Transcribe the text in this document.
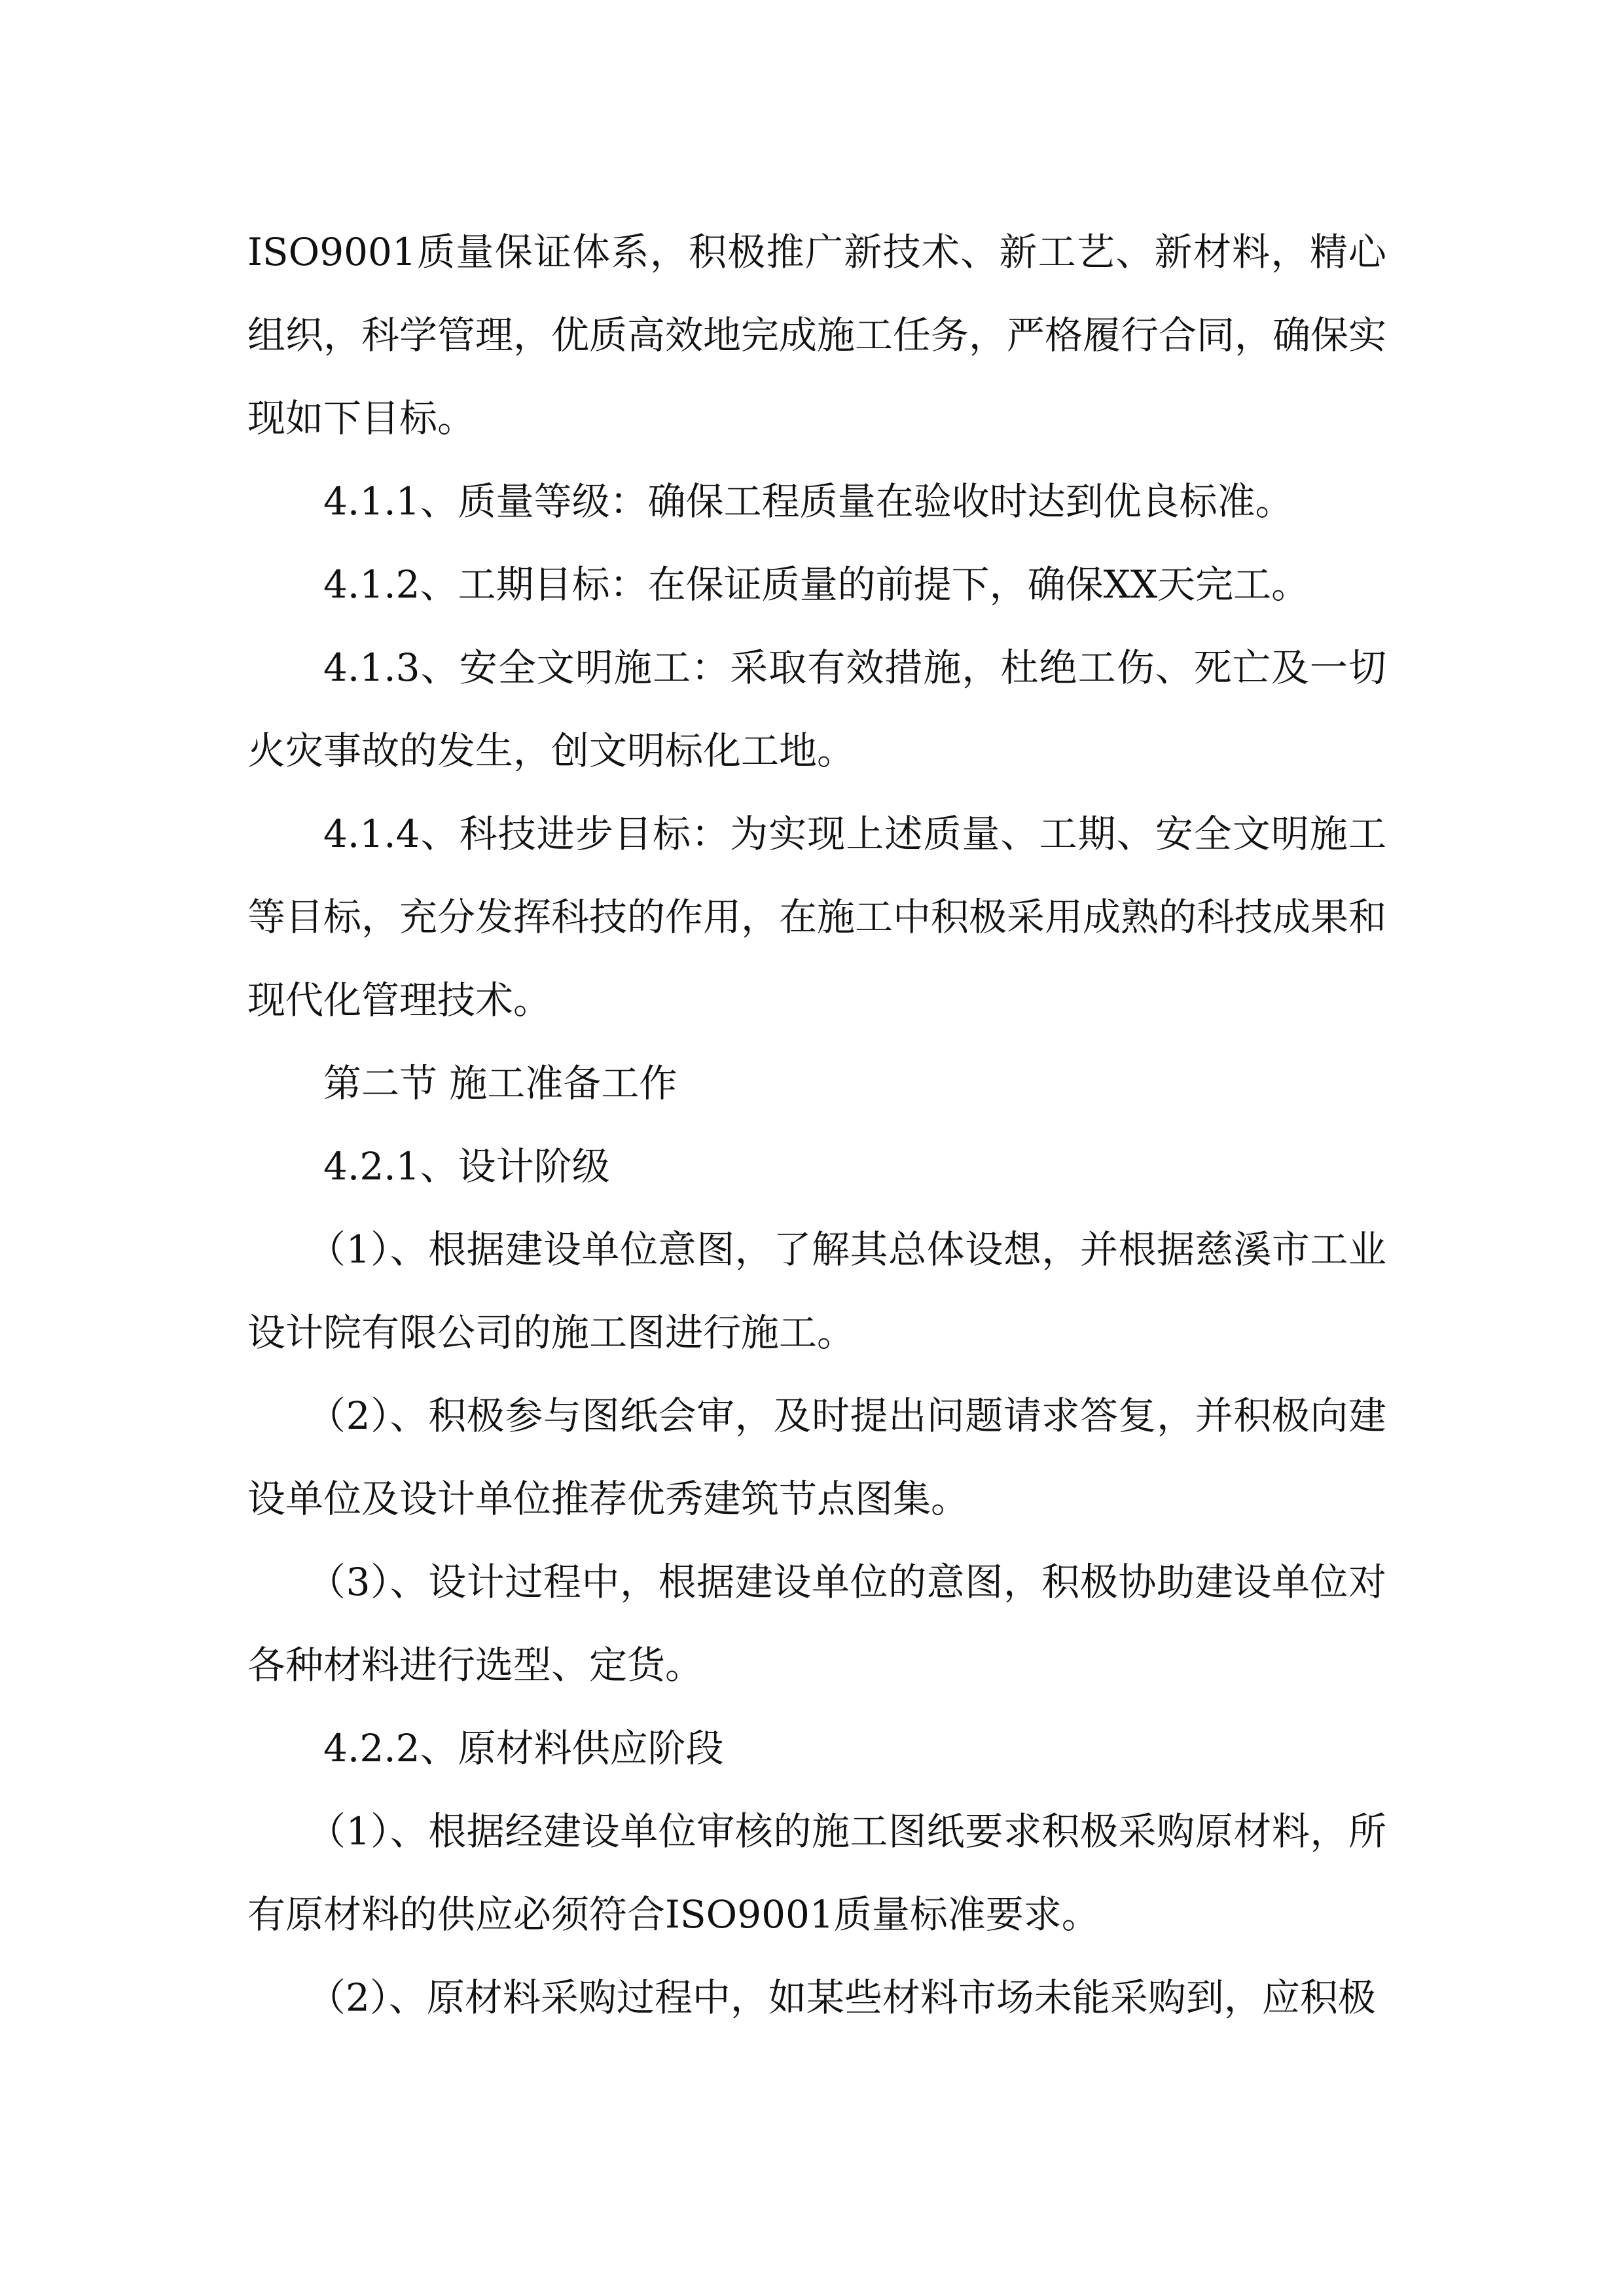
ISO9001质量保证体系，积极推广新技术、新工艺、新材料，精心组织，科学管理，优质高效地完成施工任务，严格履行合同，确保实现如下目标。

4.1.1、质量等级：确保工程质量在验收时达到优良标准。

4.1.2、工期目标：在保证质量的前提下，确保XX天完工。

4.1.3、安全文明施工：采取有效措施，杜绝工伤、死亡及一切火灾事故的发生，创文明标化工地。

4.1.4、科技进步目标：为实现上述质量、工期、安全文明施工等目标，充分发挥科技的作用，在施工中积极采用成熟的科技成果和现代化管理技术。

第二节 施工准备工作

4.2.1、设计阶级

（1）、根据建设单位意图，了解其总体设想，并根据慈溪市工业设计院有限公司的施工图进行施工。

（2）、积极参与图纸会审，及时提出问题请求答复，并积极向建设单位及设计单位推荐优秀建筑节点图集。

（3）、设计过程中，根据建设单位的意图，积极协助建设单位对各种材料进行选型、定货。

4.2.2、原材料供应阶段

（1）、根据经建设单位审核的施工图纸要求积极采购原材料，所有原材料的供应必须符合ISO9001质量标准要求。

（2）、原材料采购过程中，如某些材料市场未能采购到，应积极
